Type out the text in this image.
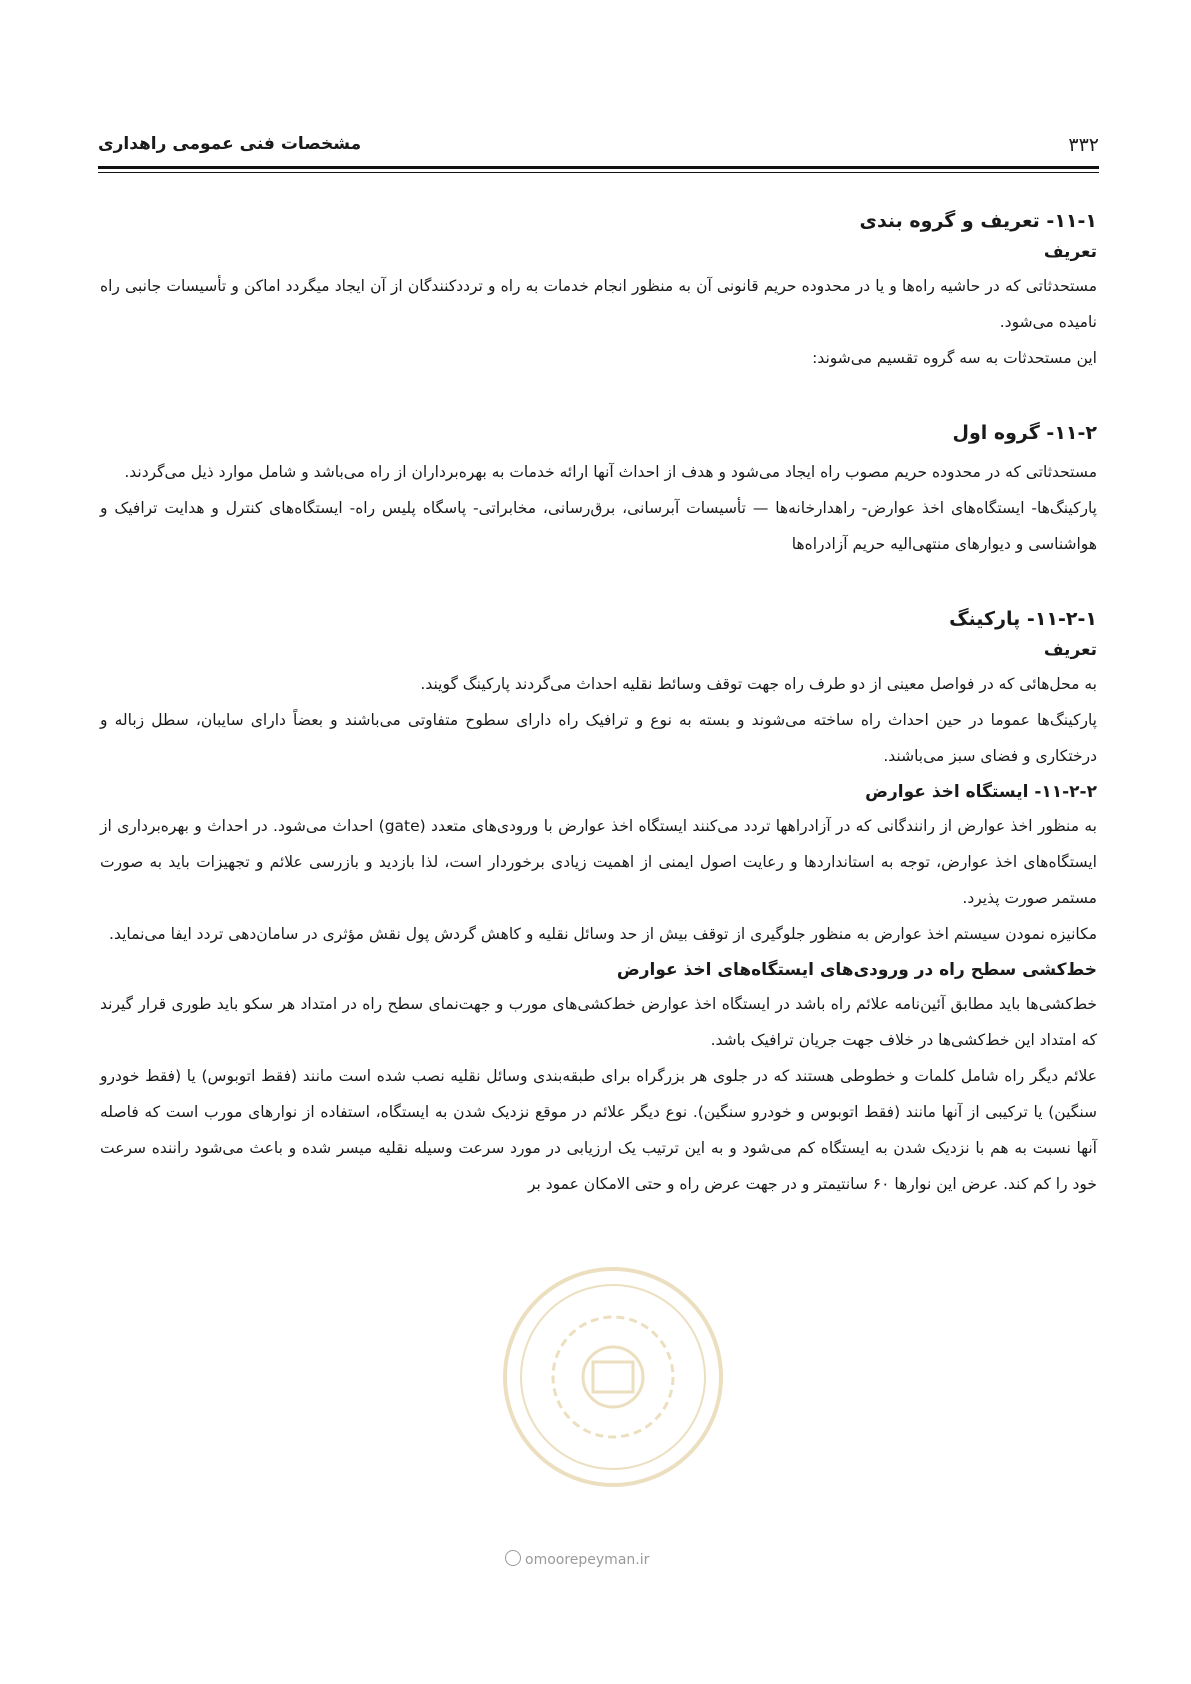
۳۳۲
مشخصات فنی عمومی راهداری
۱۱-۱- تعریف و گروه بندی
تعریف

مستحدثاتی که در حاشیه راه‌ها و یا در محدوده حریم قانونی آن به منظور انجام خدمات به راه و ترددکنندگان از آن ایجاد میگردد اماکن و تأسیسات جانبی راه نامیده می‌شود.

این مستحدثات به سه گروه تقسیم می‌شوند:

۱۱-۲- گروه اول

مستحدثاتی که در محدوده حریم مصوب راه ایجاد می‌شود و هدف از احداث آنها ارائه خدمات به بهره‌برداران از راه می‌باشد و شامل موارد ذیل می‌گردند.

پارکینگ‌ها- ایستگاه‌های اخذ عوارض- راهدارخانه‌ها — تأسیسات آبرسانی، برق‌رسانی، مخابراتی- پاسگاه پلیس راه- ایستگاه‌های کنترل و هدایت ترافیک و هواشناسی و دیوارهای منتهی‌الیه حریم آزادراه‌ها

۱۱-۲-۱- پارکینگ
تعریف

به محل‌هائی که در فواصل معینی از دو طرف راه جهت توقف وسائط نقلیه احداث می‌گردند پارکینگ گویند.

پارکینگ‌ها عموما در حین احداث راه ساخته می‌شوند و بسته به نوع و ترافیک راه دارای سطوح متفاوتی می‌باشند و بعضاً دارای سایبان، سطل زباله و درختکاری و فضای سبز می‌باشند.

۱۱-۲-۲- ایستگاه اخذ عوارض

به منظور اخذ عوارض از رانندگانی که در آزادراهها تردد می‌کنند ایستگاه اخذ عوارض با ورودی‌های متعدد (gate) احداث می‌شود. در احداث و بهره‌برداری از ایستگاه‌های اخذ عوارض، توجه به استانداردها و رعایت اصول ایمنی از اهمیت زیادی برخوردار است، لذا بازدید و بازرسی علائم و تجهیزات باید به صورت مستمر صورت پذیرد.

مکانیزه نمودن سیستم اخذ عوارض به منظور جلوگیری از توقف بیش از حد وسائل نقلیه و کاهش گردش پول نقش مؤثری در سامان‌دهی تردد ایفا می‌نماید.

خط‌کشی سطح راه در ورودی‌های ایستگاه‌های اخذ عوارض

خط‌کشی‌ها باید مطابق آئین‌نامه علائم راه باشد در ایستگاه اخذ عوارض خط‌کشی‌های مورب و جهت‌نمای سطح راه در امتداد هر سکو باید طوری قرار گیرند که امتداد این خط‌کشی‌ها در خلاف جهت جریان ترافیک باشد.

علائم دیگر راه شامل کلمات و خطوطی هستند که در جلوی هر بزرگراه برای طبقه‌بندی وسائل نقلیه نصب شده است مانند (فقط اتوبوس) یا (فقط خودرو سنگین) یا ترکیبی از آنها مانند (فقط اتوبوس و خودرو سنگین). نوع دیگر علائم در موقع نزدیک شدن به ایستگاه، استفاده از نوارهای مورب است که فاصله آنها نسبت به هم با نزدیک شدن به ایستگاه کم می‌شود و به این ترتیب یک ارزیابی در مورد سرعت وسیله نقلیه میسر شده و باعث می‌شود راننده سرعت خود را کم کند. عرض این نوارها ۶۰ سانتیمتر و در جهت عرض راه و حتی الامکان عمود بر

omoorepeyman.ir
